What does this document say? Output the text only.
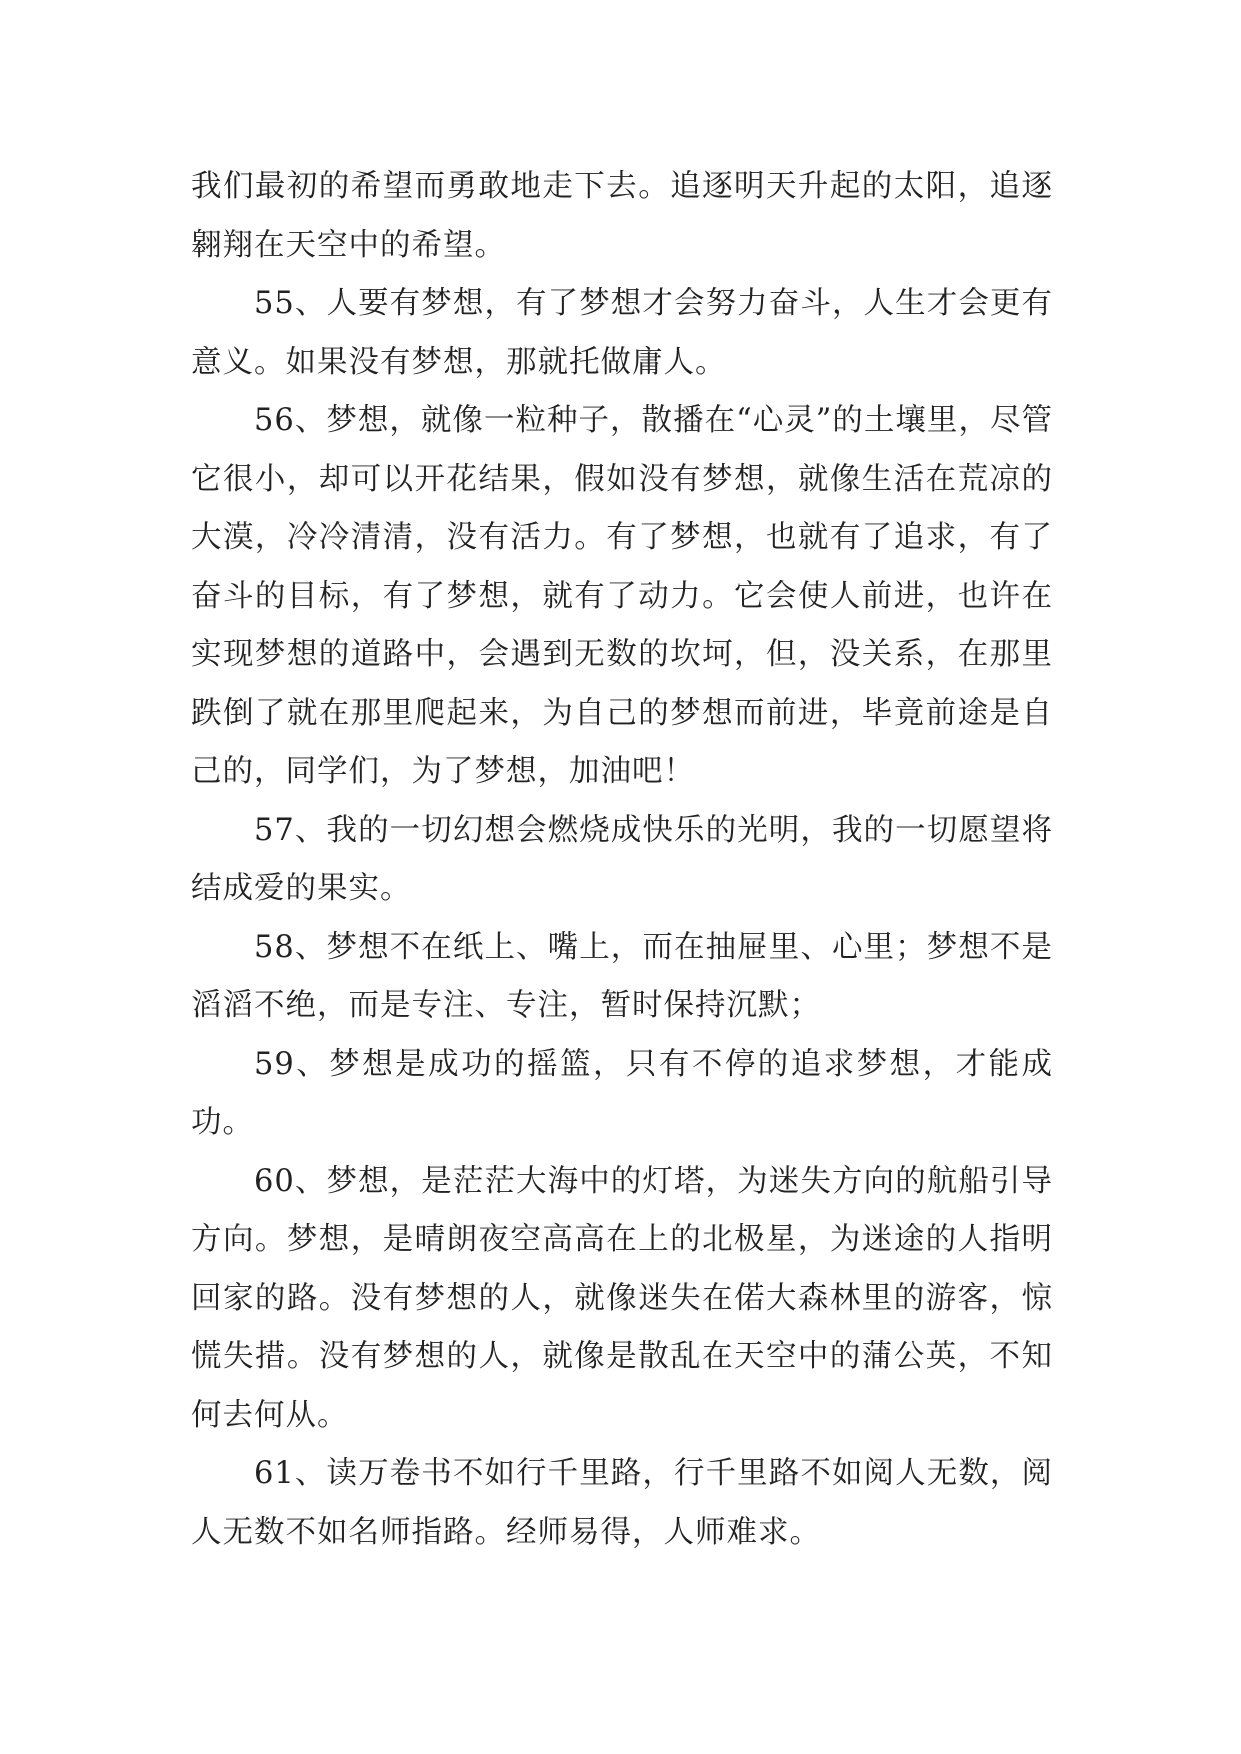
我们最初的希望而勇敢地走下去。追逐明天升起的太阳，追逐翱翔在天空中的希望。

55、人要有梦想，有了梦想才会努力奋斗，人生才会更有意义。如果没有梦想，那就托做庸人。

56、梦想，就像一粒种子，散播在“心灵”的土壤里，尽管它很小，却可以开花结果，假如没有梦想，就像生活在荒凉的大漠，冷冷清清，没有活力。有了梦想，也就有了追求，有了奋斗的目标，有了梦想，就有了动力。它会使人前进，也许在实现梦想的道路中，会遇到无数的坎坷，但，没关系，在那里跌倒了就在那里爬起来，为自己的梦想而前进，毕竟前途是自己的，同学们，为了梦想，加油吧！

57、我的一切幻想会燃烧成快乐的光明，我的一切愿望将结成爱的果实。

58、梦想不在纸上、嘴上，而在抽屉里、心里；梦想不是滔滔不绝，而是专注、专注，暂时保持沉默；

59、梦想是成功的摇篮，只有不停的追求梦想，才能成功。

60、梦想，是茫茫大海中的灯塔，为迷失方向的航船引导方向。梦想，是晴朗夜空高高在上的北极星，为迷途的人指明回家的路。没有梦想的人，就像迷失在偌大森林里的游客，惊慌失措。没有梦想的人，就像是散乱在天空中的蒲公英，不知何去何从。

61、读万卷书不如行千里路，行千里路不如阅人无数，阅人无数不如名师指路。经师易得，人师难求。
